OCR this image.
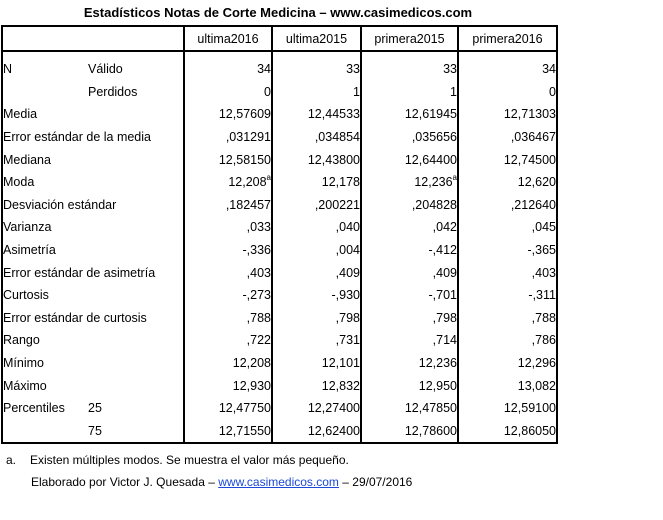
Estadísticos Notas de Corte Medicina – www.casimedicos.com
		ultima2016	ultima2015	primera2015	primera2016
N	Válido	34	33	33	34
	Perdidos	0	1	1	0
Media		12,57609	12,44533	12,61945	12,71303
Error estándar de la media		,031291	,034854	,035656	,036467
Mediana		12,58150	12,43800	12,64400	12,74500
Moda		12,208$^a$	12,178	12,236$^a$	12,620
Desviación estándar		,182457	,200221	,204828	,212640
Varianza		,033	,040	,042	,045
Asimetría		-,336	,004	-,412	-,365
Error estándar de asimetría		,403	,409	,409	,403
Curtosis		-,273	-,930	-,701	-,311
Error estándar de curtosis		,788	,798	,798	,788
Rango		,722	,731	,714	,786
Mínimo		12,208	12,101	12,236	12,296
Máximo		12,930	12,832	12,950	13,082
Percentiles	25	12,47750	12,27400	12,47850	12,59100
	75	12,71550	12,62400	12,78600	12,86050
a. Existen múltiples modos. Se muestra el valor más pequeño.
Elaborado por Victor J. Quesada – www.casimedicos.com – 29/07/2016
